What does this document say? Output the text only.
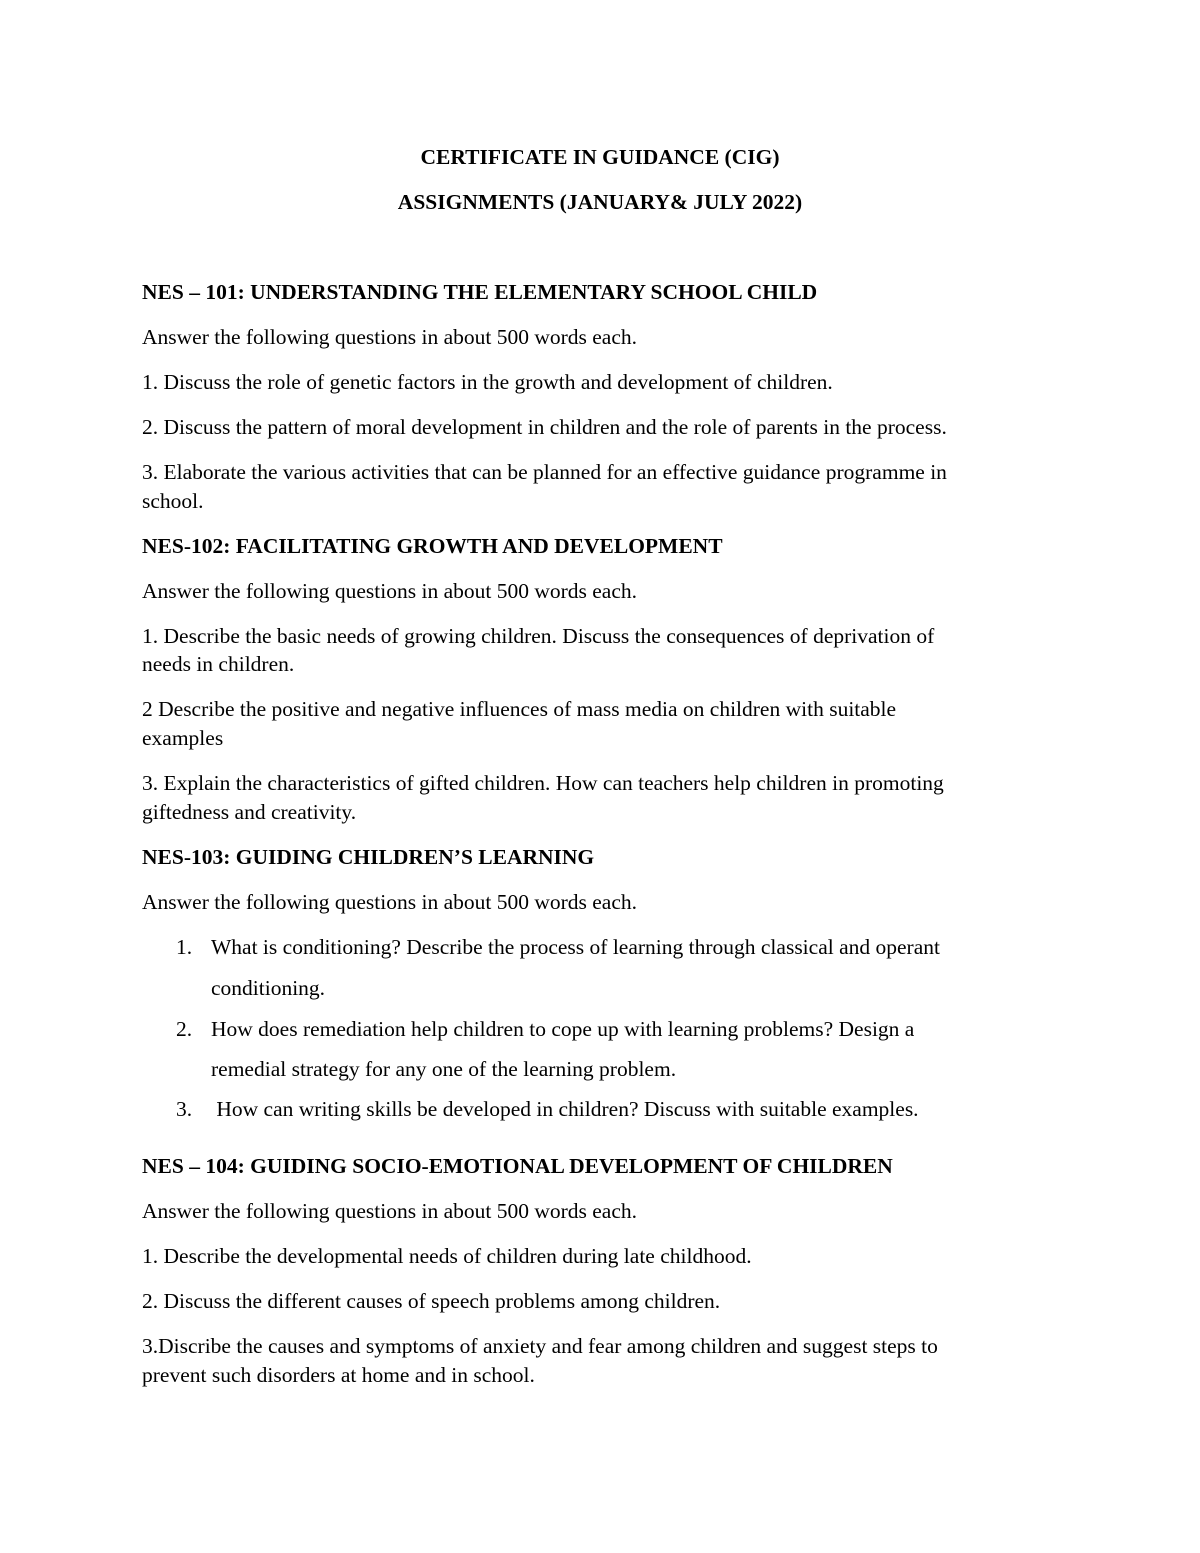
CERTIFICATE IN GUIDANCE (CIG)

ASSIGNMENTS (JANUARY& JULY 2022)

NES – 101: UNDERSTANDING THE ELEMENTARY SCHOOL CHILD

Answer the following questions in about 500 words each.

1. Discuss the role of genetic factors in the growth and development of children.

2. Discuss the pattern of moral development in children and the role of parents in the process.

3. Elaborate the various activities that can be planned for an effective guidance programme in

school.

NES-102: FACILITATING GROWTH AND DEVELOPMENT

Answer the following questions in about 500 words each.

1. Describe the basic needs of growing children. Discuss the consequences of deprivation of

needs in children.

2 Describe the positive and negative influences of mass media on children with suitable

examples

3. Explain the characteristics of gifted children. How can teachers help children in promoting

giftedness and creativity.

NES-103: GUIDING CHILDREN’S LEARNING

Answer the following questions in about 500 words each.

1. What is conditioning? Describe the process of learning through classical and operant

conditioning.

2. How does remediation help children to cope up with learning problems? Design a

remedial strategy for any one of the learning problem.

3. How can writing skills be developed in children? Discuss with suitable examples.

NES – 104: GUIDING SOCIO-EMOTIONAL DEVELOPMENT OF CHILDREN

Answer the following questions in about 500 words each.

1. Describe the developmental needs of children during late childhood.

2. Discuss the different causes of speech problems among children.

3.Discribe the causes and symptoms of anxiety and fear among children and suggest steps to

prevent such disorders at home and in school.
